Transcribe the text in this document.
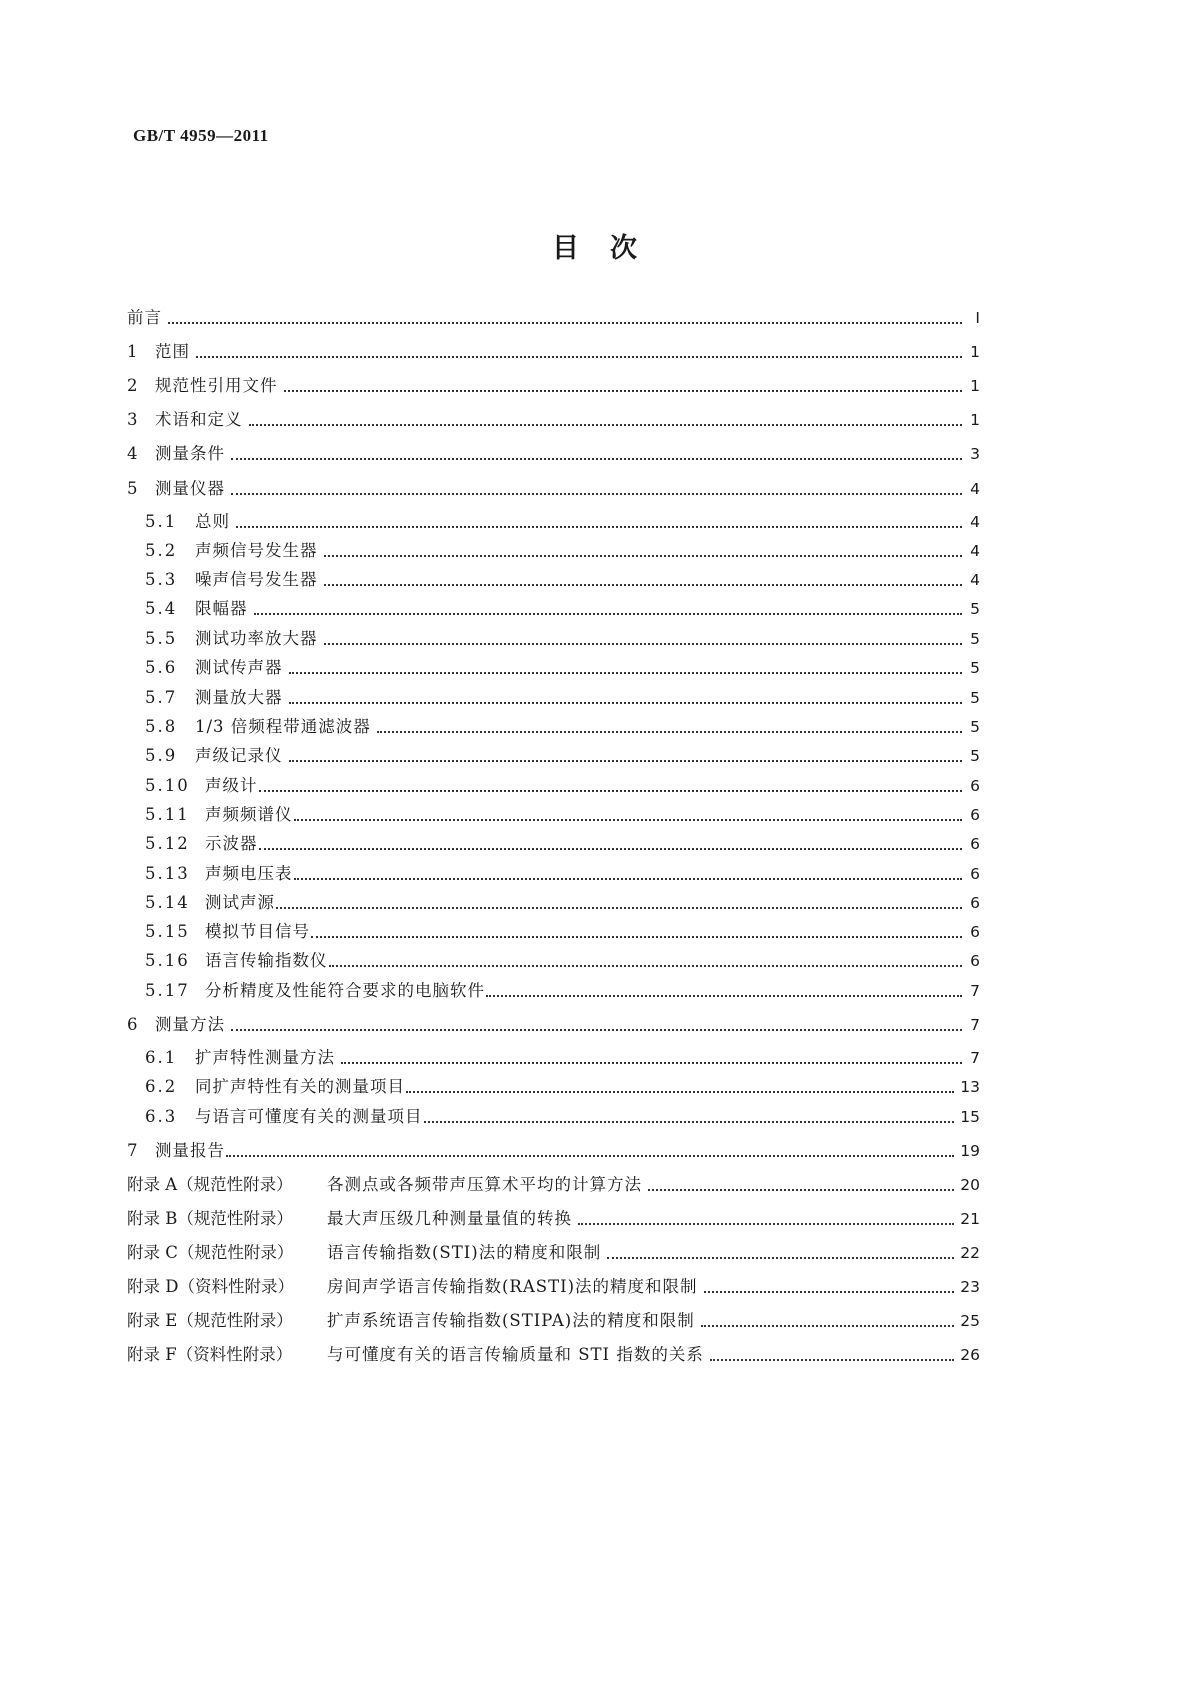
GB/T 4959—2011
目　次
前言	Ⅰ
1	范围	1
2	规范性引用文件	1
3	术语和定义	1
4	测量条件	3
5	测量仪器	4
5.1	总则	4
5.2	声频信号发生器	4
5.3	噪声信号发生器	4
5.4	限幅器	5
5.5	测试功率放大器	5
5.6	测试传声器	5
5.7	测量放大器	5
5.8	1/3 倍频程带通滤波器	5
5.9	声级记录仪	5
5.10 声级计	6
5.11 声频频谱仪	6
5.12 示波器	6
5.13 声频电压表	6
5.14 测试声源	6
5.15 模拟节目信号	6
5.16 语言传输指数仪	6
5.17 分析精度及性能符合要求的电脑软件	7
6	测量方法	7
6.1	扩声特性测量方法	7
6.2	同扩声特性有关的测量项目	13
6.3	与语言可懂度有关的测量项目	15
7	测量报告	19
附录 A（规范性附录）	各测点或各频带声压算术平均的计算方法	20
附录 B（规范性附录）	最大声压级几种测量量值的转换	21
附录 C（规范性附录）	语言传输指数(STI)法的精度和限制	22
附录 D（资料性附录）	房间声学语言传输指数(RASTI)法的精度和限制	23
附录 E（规范性附录）	扩声系统语言传输指数(STIPA)法的精度和限制	25
附录 F（资料性附录）	与可懂度有关的语言传输质量和 STI 指数的关系	26
